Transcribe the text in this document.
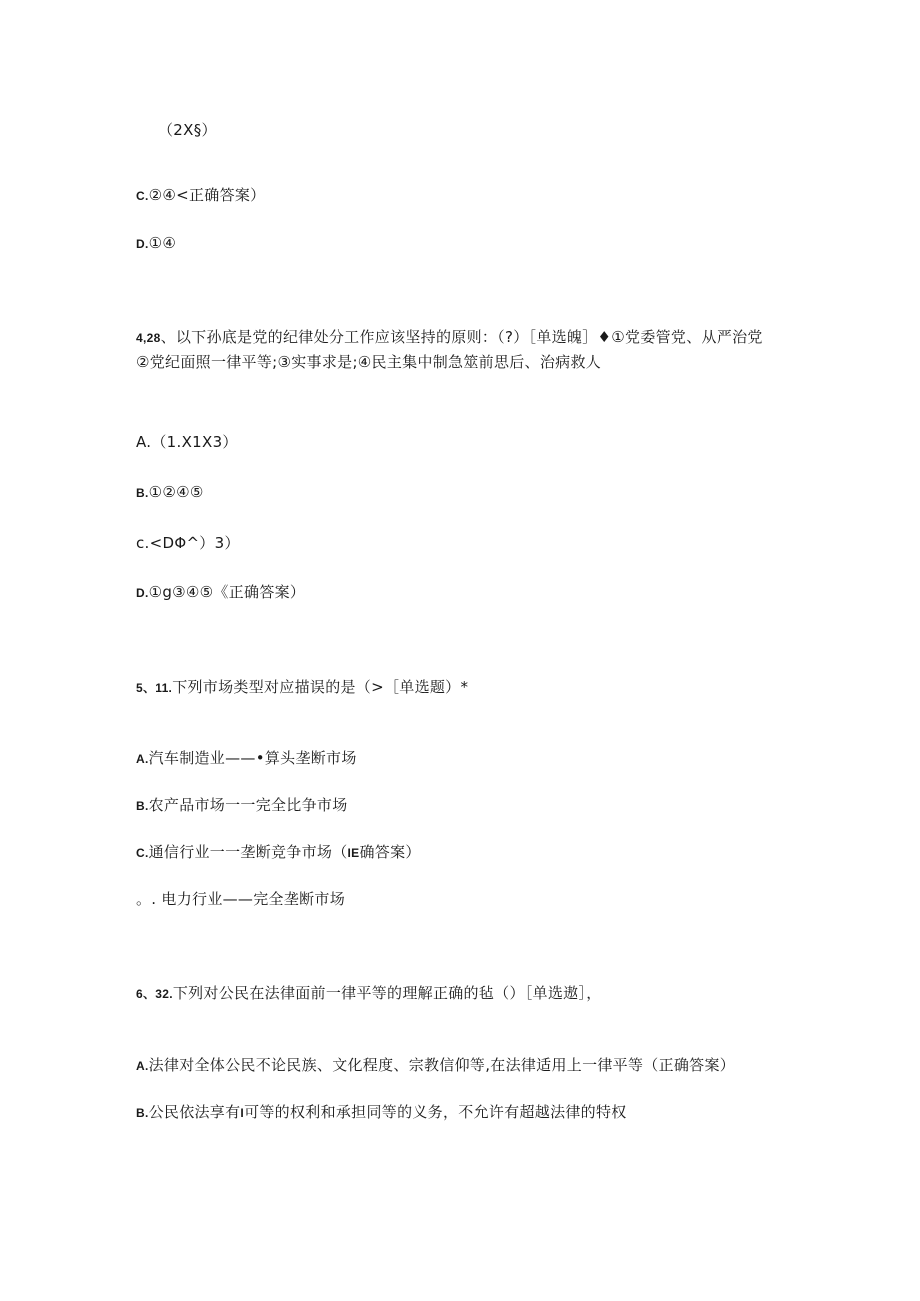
（2X§）
C.②④<正确答案）
D.①④
4,28、以下孙底是党的纪律处分工作应该坚持的原则：（?）［单选魄］♦①党委管党、从严治党
②党纪面照一律平等;③实事求是;④民主集中制急筮前思后、治病救人
A.（1.X1X3）
B.①②④⑤
c.<DΦ^）3）
D.①g③④⑤《正确答案）
5、11.下列市场类型对应描误的是（>［单选题）*
A.汽车制造业——•算头垄断市场
B.农产品市场一一完全比争市场
C.通信行业一一垄断竞争市场（IE确答案）
。. 电力行业——完全垄断市场
6、32.下列对公民在法律面前一律平等的理解正确的毡（）［单选遨］，
A.法律对全体公民不论民族、文化程度、宗教信仰等,在法律适用上一律平等（正确答案）
B.公民依法享有I可等的权利和承担同等的义务，不允许有超越法律的特权
